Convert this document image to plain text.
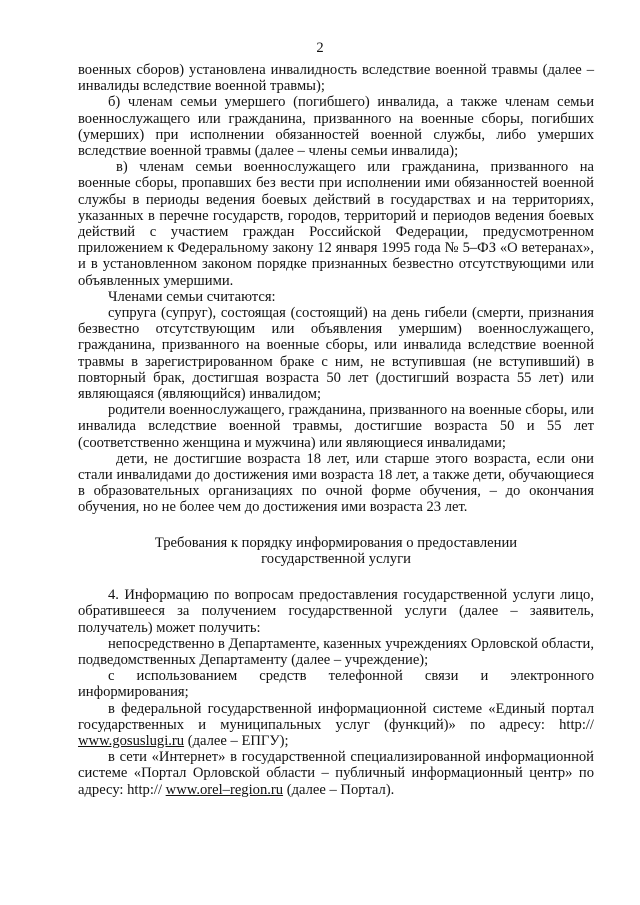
2

военных сборов) установлена инвалидность вследствие военной травмы (далее – инвалиды вследствие военной травмы);

б) членам семьи умершего (погибшего) инвалида, а также членам семьи военнослужащего или гражданина, призванного на военные сборы, погибших (умерших) при исполнении обязанностей военной службы, либо умерших вследствие военной травмы (далее – члены семьи инвалида);

в) членам семьи военнослужащего или гражданина, призванного на военные сборы, пропавших без вести при исполнении ими обязанностей военной службы в периоды ведения боевых действий в государствах и на территориях, указанных в перечне государств, городов, территорий и периодов ведения боевых действий с участием граждан Российской Федерации, предусмотренном приложением к Федеральному закону 12 января 1995 года № 5–ФЗ «О ветеранах», и в установленном законом порядке признанных безвестно отсутствующими или объявленных умершими.

Членами семьи считаются:

супруга (супруг), состоящая (состоящий) на день гибели (смерти, признания безвестно отсутствующим или объявления умершим) военнослужащего, гражданина, призванного на военные сборы, или инвалида вследствие военной травмы в зарегистрированном браке с ним, не вступившая (не вступивший) в повторный брак, достигшая возраста 50 лет (достигший возраста 55 лет) или являющаяся (являющийся) инвалидом;

родители военнослужащего, гражданина, призванного на военные сборы, или инвалида вследствие военной травмы, достигшие возраста 50 и 55 лет (соответственно женщина и мужчина) или являющиеся инвалидами;

дети, не достигшие возраста 18 лет, или старше этого возраста, если они стали инвалидами до достижения ими возраста 18 лет, а также дети, обучающиеся в образовательных организациях по очной форме обучения, – до окончания обучения, но не более чем до достижения ими возраста 23 лет.

Требования к порядку информирования о предоставлении
государственной услуги

4. Информацию по вопросам предоставления государственной услуги лицо, обратившееся за получением государственной услуги (далее – заявитель, получатель) может получить:

непосредственно в Департаменте, казенных учреждениях Орловской области, подведомственных Департаменту (далее – учреждение);

с использованием средств телефонной связи и электронного информирования;

в федеральной государственной информационной системе «Единый портал государственных и муниципальных услуг (функций)» по адресу: http:// www.gosuslugi.ru (далее – ЕПГУ);

в сети «Интернет» в государственной специализированной информационной системе «Портал Орловской области – публичный информационный центр» по адресу: http:// www.orel–region.ru (далее – Портал).
